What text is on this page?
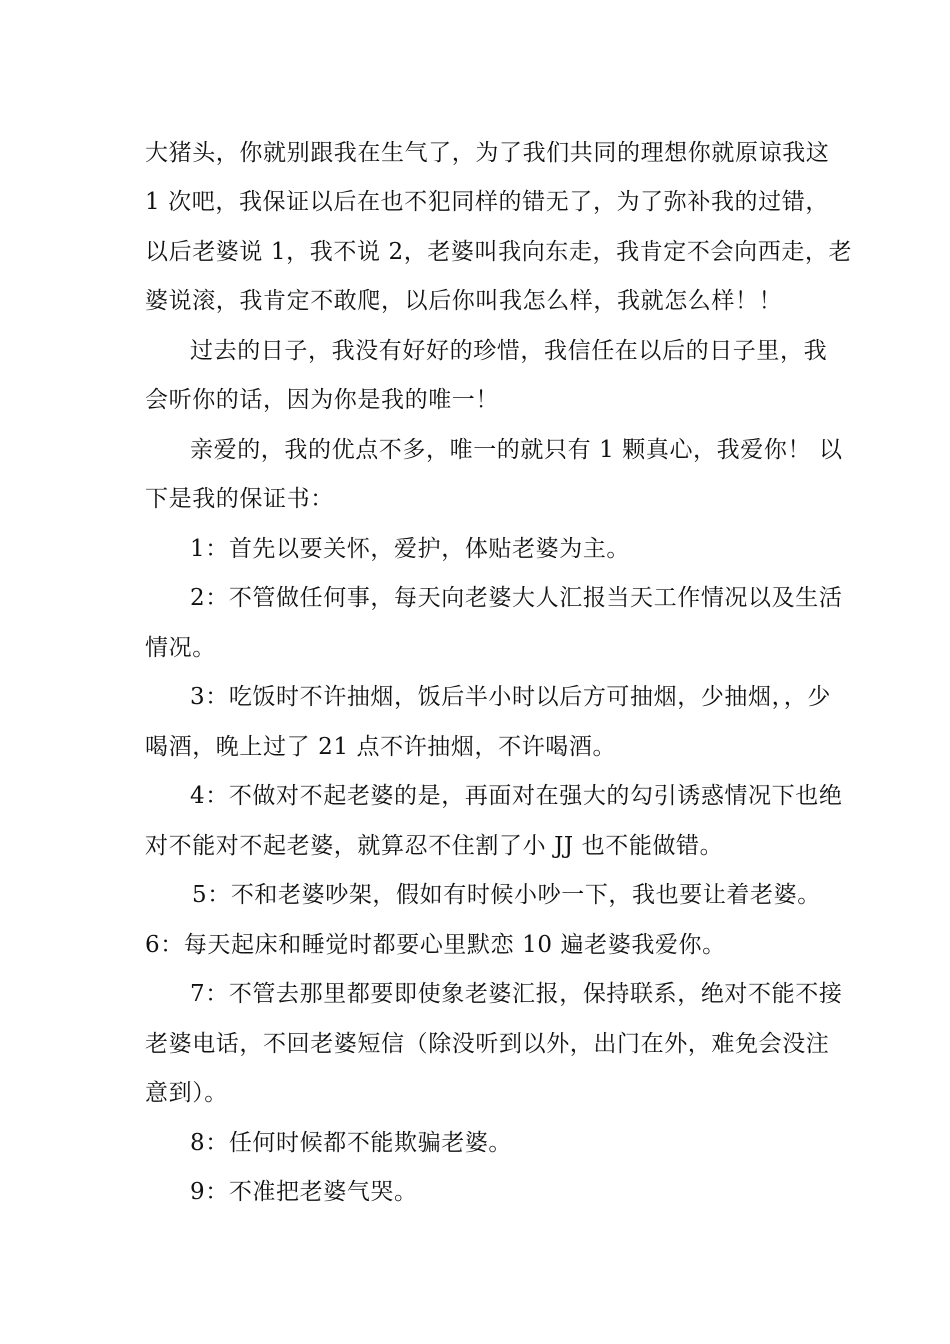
大猪头，你就别跟我在生气了，为了我们共同的理想你就原谅我这
1 次吧，我保证以后在也不犯同样的错无了，为了弥补我的过错，
以后老婆说 1，我不说 2，老婆叫我向东走，我肯定不会向西走，老
婆说滚，我肯定不敢爬，以后你叫我怎么样，我就怎么样！！
过去的日子，我没有好好的珍惜，我信任在以后的日子里，我
会听你的话，因为你是我的唯一！
亲爱的，我的优点不多，唯一的就只有 1 颗真心，我爱你！ 以
下是我的保证书：
1：首先以要关怀，爱护，体贴老婆为主。
2：不管做任何事，每天向老婆大人汇报当天工作情况以及生活
情况。
3：吃饭时不许抽烟，饭后半小时以后方可抽烟，少抽烟，，少
喝酒，晚上过了 21 点不许抽烟，不许喝酒。
4：不做对不起老婆的是，再面对在强大的勾引诱惑情况下也绝
对不能对不起老婆，就算忍不住割了小 JJ 也不能做错。
5：不和老婆吵架，假如有时候小吵一下，我也要让着老婆。
6：每天起床和睡觉时都要心里默恋 10 遍老婆我爱你。
7：不管去那里都要即使象老婆汇报，保持联系，绝对不能不接
老婆电话，不回老婆短信（除没听到以外，出门在外，难免会没注
意到）。
8：任何时候都不能欺骗老婆。
9：不准把老婆气哭。
